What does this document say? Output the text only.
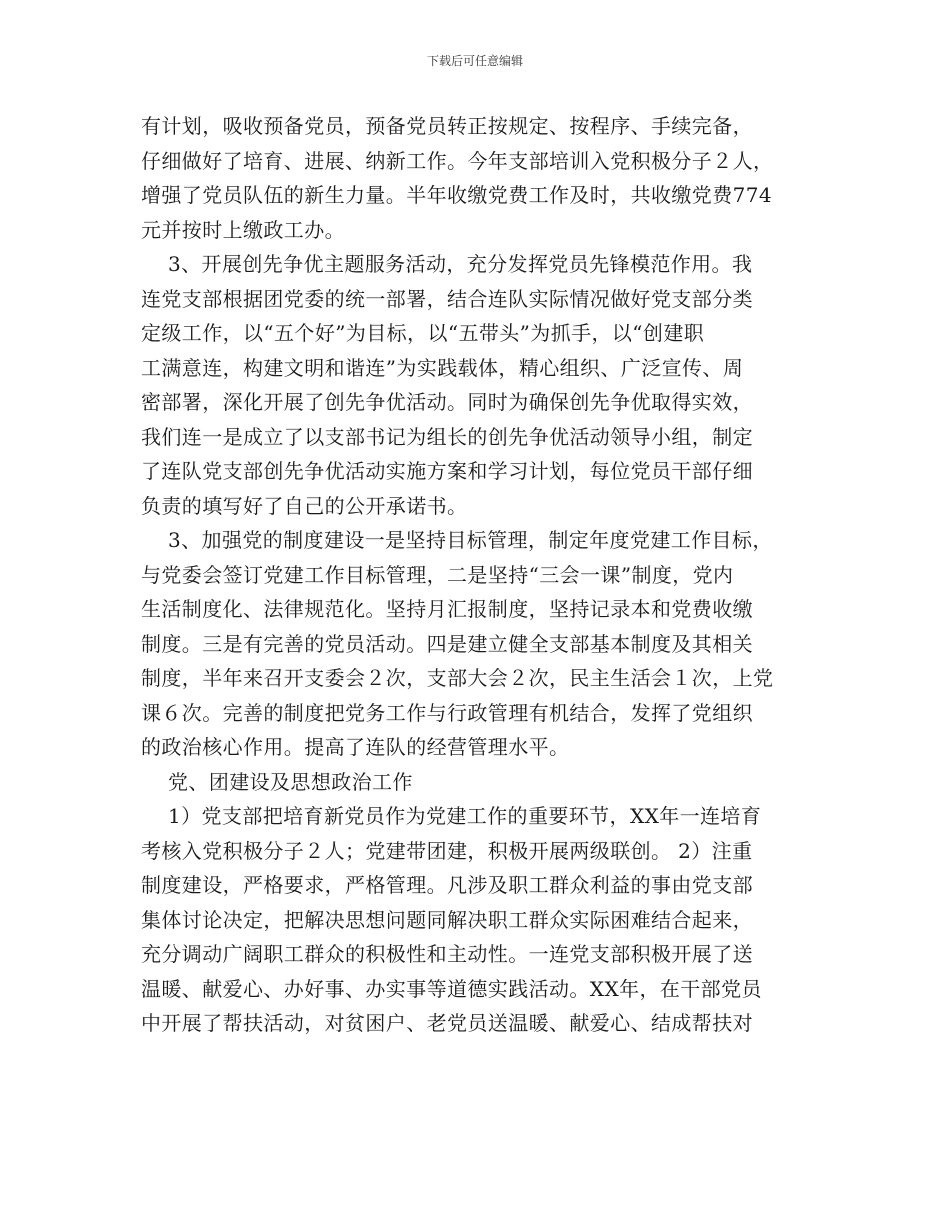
下载后可任意编辑
有计划，吸收预备党员，预备党员转正按规定、按程序、手续完备，
仔细做好了培育、进展、纳新工作。今年支部培训入党积极分子２人，
增强了党员队伍的新生力量。半年收缴党费工作及时，共收缴党费774
元并按时上缴政工办。
3、开展创先争优主题服务活动，充分发挥党员先锋模范作用。我
连党支部根据团党委的统一部署，结合连队实际情况做好党支部分类
定级工作，以“五个好”为目标，以“五带头”为抓手，以“创建职
工满意连，构建文明和谐连”为实践载体，精心组织、广泛宣传、周
密部署，深化开展了创先争优活动。同时为确保创先争优取得实效，
我们连一是成立了以支部书记为组长的创先争优活动领导小组，制定
了连队党支部创先争优活动实施方案和学习计划，每位党员干部仔细
负责的填写好了自己的公开承诺书。
3、加强党的制度建设一是坚持目标管理，制定年度党建工作目标，
与党委会签订党建工作目标管理，二是坚持“三会一课”制度，党内
生活制度化、法律规范化。坚持月汇报制度，坚持记录本和党费收缴
制度。三是有完善的党员活动。四是建立健全支部基本制度及其相关
制度，半年来召开支委会２次，支部大会２次，民主生活会１次，上党
课６次。完善的制度把党务工作与行政管理有机结合，发挥了党组织
的政治核心作用。提高了连队的经营管理水平。
党、团建设及思想政治工作
1）党支部把培育新党员作为党建工作的重要环节，XX年一连培育
考核入党积极分子２人；党建带团建，积极开展两级联创。 2）注重
制度建设，严格要求，严格管理。凡涉及职工群众利益的事由党支部
集体讨论决定，把解决思想问题同解决职工群众实际困难结合起来，
充分调动广阔职工群众的积极性和主动性。一连党支部积极开展了送
温暖、献爱心、办好事、办实事等道德实践活动。XX年，在干部党员
中开展了帮扶活动，对贫困户、老党员送温暖、献爱心、结成帮扶对
